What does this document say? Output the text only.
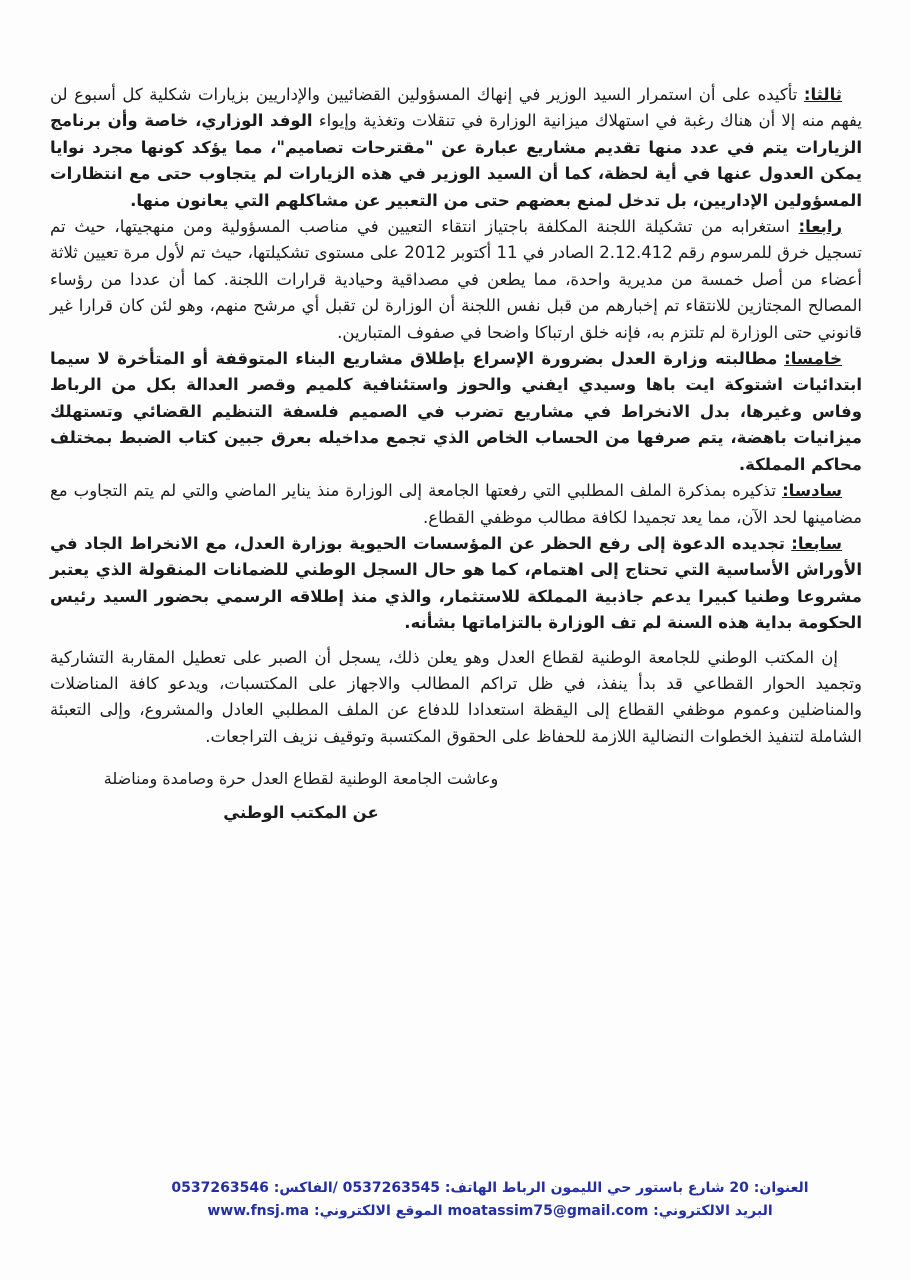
ثالثا: تأكيده على أن استمرار السيد الوزير في إنهاك المسؤولين القضائيين والإداريين بزيارات شكلية كل أسبوع لن يفهم منه إلا أن هناك رغبة في استهلاك ميزانية الوزارة في تنقلات وتغذية وإيواء الوفد الوزاري، خاصة وأن برنامج الزيارات يتم في عدد منها تقديم مشاريع عبارة عن "مقترحات تصاميم"، مما يؤكد كونها مجرد نوايا يمكن العدول عنها في أية لحظة، كما أن السيد الوزير في هذه الزيارات لم يتجاوب حتى مع انتظارات المسؤولين الإداريين، بل تدخل لمنع بعضهم حتى من التعبير عن مشاكلهم التي يعانون منها.

رابعا: استغرابه من تشكيلة اللجنة المكلفة باجتياز انتقاء التعيين في مناصب المسؤولية ومن منهجيتها، حيث تم تسجيل خرق للمرسوم رقم 2.12.412 الصادر في 11 أكتوبر 2012 على مستوى تشكيلتها، حيث تم لأول مرة تعيين ثلاثة أعضاء من أصل خمسة من مديرية واحدة، مما يطعن في مصداقية وحيادية قرارات اللجنة. كما أن عددا من رؤساء المصالح المجتازين للانتقاء تم إخبارهم من قبل نفس اللجنة أن الوزارة لن تقبل أي مرشح منهم، وهو لئن كان قرارا غير قانوني حتى الوزارة لم تلتزم به، فإنه خلق ارتباكا واضحا في صفوف المتبارين.

خامسا: مطالبته وزارة العدل بضرورة الإسراع بإطلاق مشاريع البناء المتوقفة أو المتأخرة لا سيما ابتدائيات اشتوكة ايت باها وسيدي ايفني والحوز واستئنافية كلميم وقصر العدالة بكل من الرباط وفاس وغيرها، بدل الانخراط في مشاريع تضرب في الصميم فلسفة التنظيم القضائي وتستهلك ميزانيات باهضة، يتم صرفها من الحساب الخاص الذي تجمع مداخيله بعرق جبين كتاب الضبط بمختلف محاكم المملكة.

سادسا: تذكيره بمذكرة الملف المطلبي التي رفعتها الجامعة إلى الوزارة منذ يناير الماضي والتي لم يتم التجاوب مع مضامينها لحد الآن، مما يعد تجميدا لكافة مطالب موظفي القطاع.

سابعا: تجديده الدعوة إلى رفع الحظر عن المؤسسات الحيوية بوزارة العدل، مع الانخراط الجاد في الأوراش الأساسية التي تحتاج إلى اهتمام، كما هو حال السجل الوطني للضمانات المنقولة الذي يعتبر مشروعا وطنيا كبيرا يدعم جاذبية المملكة للاستثمار، والذي منذ إطلاقه الرسمي بحضور السيد رئيس الحكومة بداية هذه السنة لم تف الوزارة بالتزاماتها بشأنه.

إن المكتب الوطني للجامعة الوطنية لقطاع العدل وهو يعلن ذلك، يسجل أن الصبر على تعطيل المقاربة التشاركية وتجميد الحوار القطاعي قد بدأ ينفذ، في ظل تراكم المطالب والاجهاز على المكتسبات، ويدعو كافة المناضلات والمناضلين وعموم موظفي القطاع إلى اليقظة استعدادا للدفاع عن الملف المطلبي العادل والمشروع، وإلى التعبئة الشاملة لتنفيذ الخطوات النضالية اللازمة للحفاظ على الحقوق المكتسبة وتوقيف نزيف التراجعات.

وعاشت الجامعة الوطنية لقطاع العدل حرة وصامدة ومناضلة
عن المكتب الوطني
العنوان: 20 شارع باستور حي الليمون الرباط الهاتف: 0537263545 /الفاكس: 0537263546
البريد الالكتروني: moatassim75@gmail.com الموقع الالكتروني: www.fnsj.ma
